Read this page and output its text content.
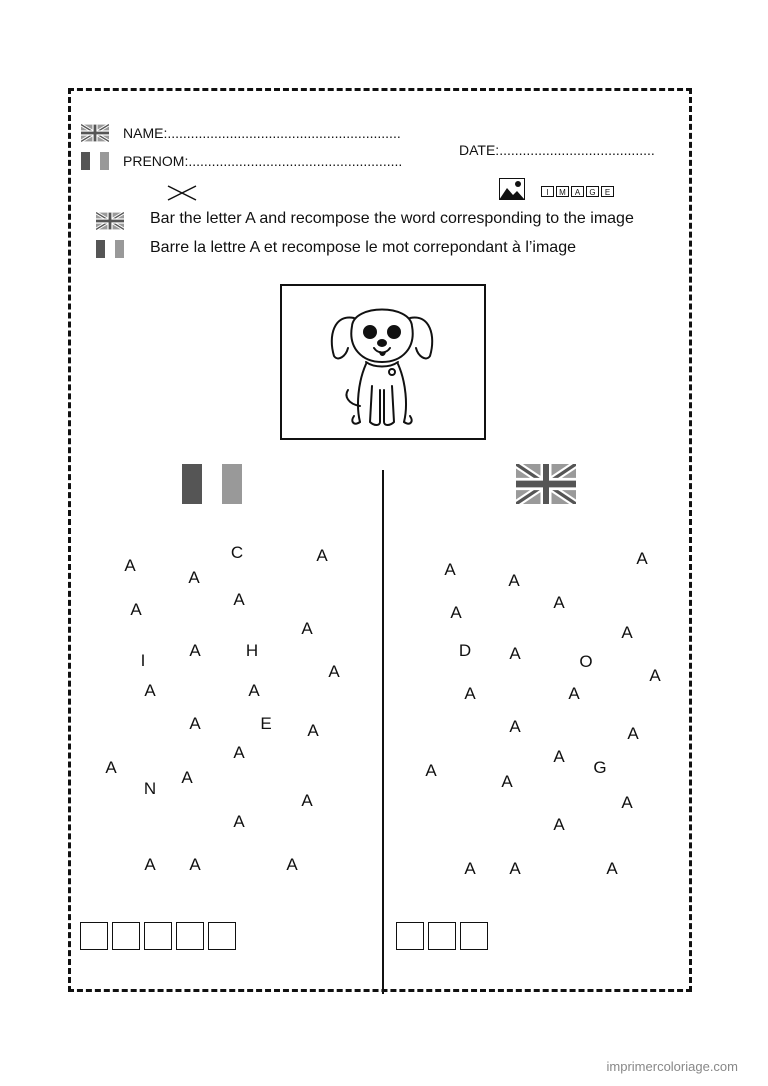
NAME:............................................................
PRENOM:.......................................................
DATE:........................................
I	M	A	G	E
Bar the letter A and recompose the word corresponding to the image
Barre la lettre A et recompose le mot correpondant à l’image
A
C	A
A
A
A
A
I
A	H
A
A	A
A	E A
A
A
N
A
A
A
A A	A
A
A
A
A
A
A
D A	O
A
A	A
A	A
A
A	G
A
A
A
A A	A
imprimercoloriage.com
